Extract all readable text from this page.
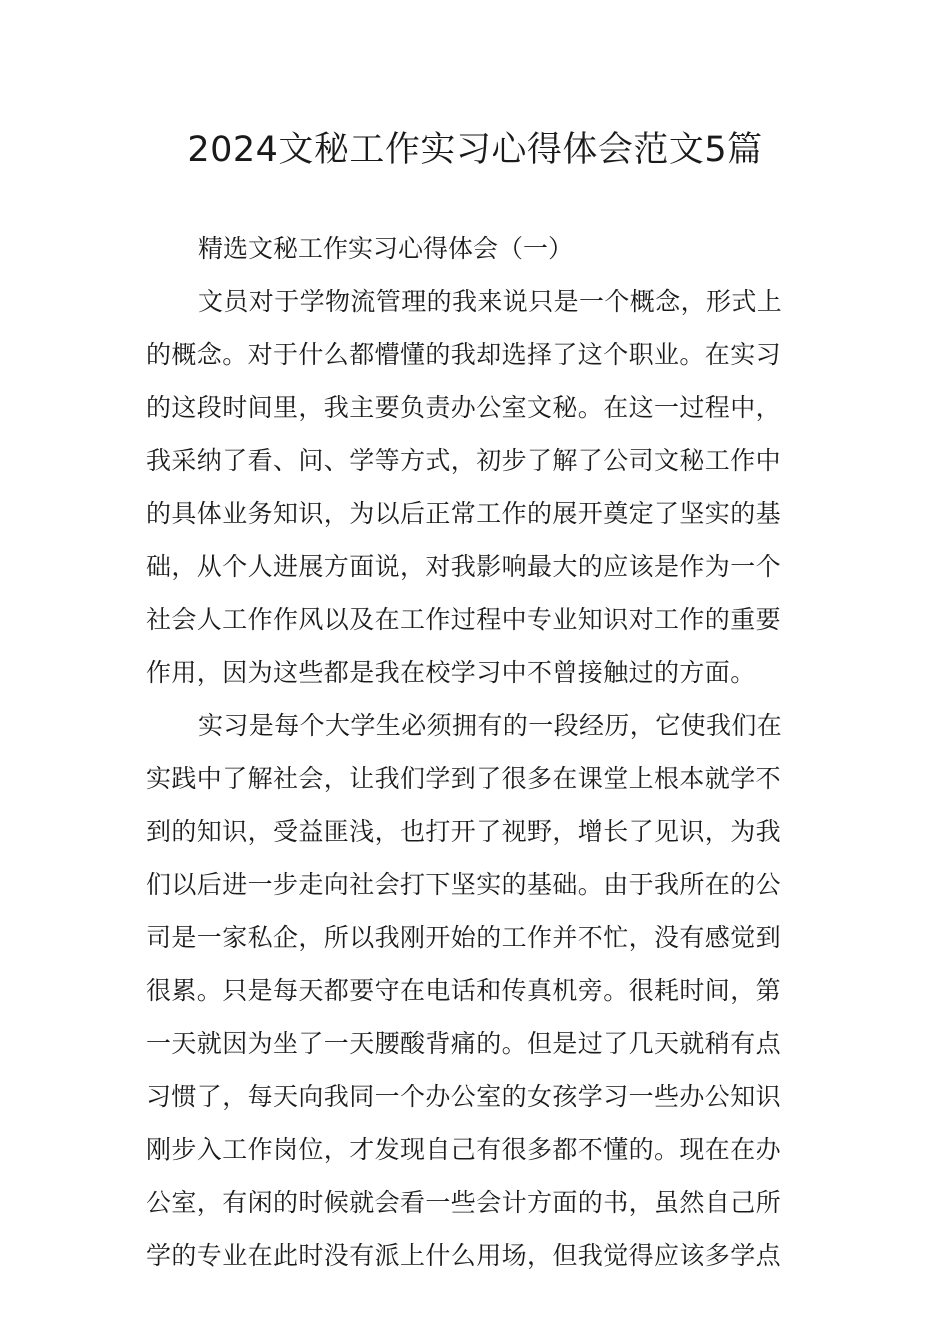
2024文秘工作实习心得体会范文5篇

精选文秘工作实习心得体会（一）

文员对于学物流管理的我来说只是一个概念，形式上
的概念。对于什么都懵懂的我却选择了这个职业。在实习
的这段时间里，我主要负责办公室文秘。在这一过程中，
我采纳了看、问、学等方式，初步了解了公司文秘工作中
的具体业务知识，为以后正常工作的展开奠定了坚实的基
础，从个人进展方面说，对我影响最大的应该是作为一个
社会人工作作风以及在工作过程中专业知识对工作的重要
作用，因为这些都是我在校学习中不曾接触过的方面。

实习是每个大学生必须拥有的一段经历，它使我们在
实践中了解社会，让我们学到了很多在课堂上根本就学不
到的知识，受益匪浅，也打开了视野，增长了见识，为我
们以后进一步走向社会打下坚实的基础。由于我所在的公
司是一家私企，所以我刚开始的工作并不忙，没有感觉到
很累。只是每天都要守在电话和传真机旁。很耗时间，第
一天就因为坐了一天腰酸背痛的。但是过了几天就稍有点
习惯了，每天向我同一个办公室的女孩学习一些办公知识
刚步入工作岗位，才发现自己有很多都不懂的。现在在办
公室，有闲的时候就会看一些会计方面的书，虽然自己所
学的专业在此时没有派上什么用场，但我觉得应该多学点
